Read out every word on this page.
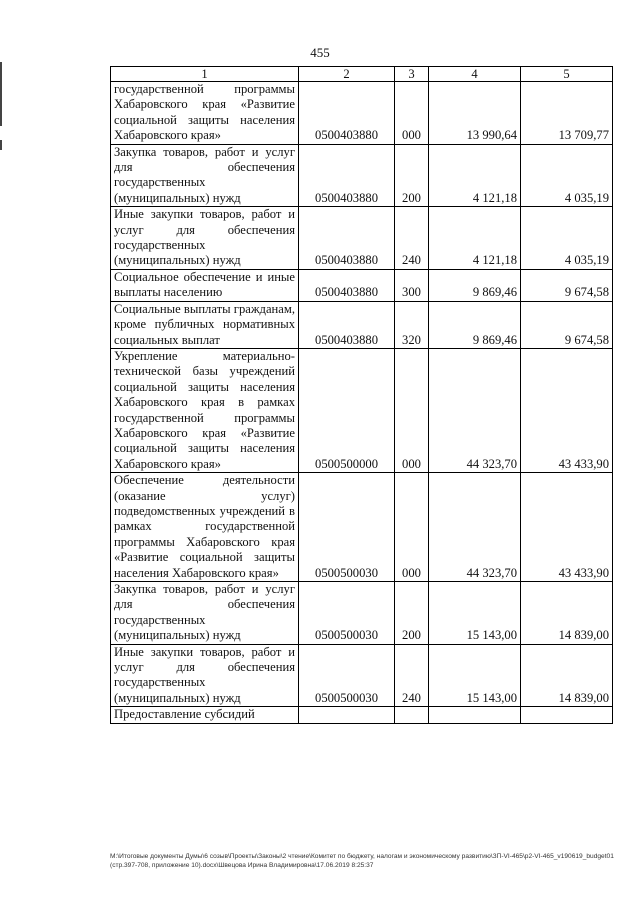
455
1	2	3	4	5
государственной программы Хабаровского края «Развитие социальной защиты населения Хабаровского края»	0500403880	000	13 990,64	13 709,77
Закупка товаров, работ и услуг для обеспечения государственных (муниципальных) нужд	0500403880	200	4 121,18	4 035,19
Иные закупки товаров, работ и услуг для обеспечения государственных (муниципальных) нужд	0500403880	240	4 121,18	4 035,19
Социальное обеспечение и иные выплаты населению	0500403880	300	9 869,46	9 674,58
Социальные выплаты гражданам, кроме публичных нормативных социальных выплат	0500403880	320	9 869,46	9 674,58
Укрепление материально-технической базы учреждений социальной защиты населения Хабаровского края в рамках государственной программы Хабаровского края «Развитие социальной защиты населения Хабаровского края»	0500500000	000	44 323,70	43 433,90
Обеспечение деятельности (оказание услуг) подведомственных учреждений в рамках государственной программы Хабаровского края «Развитие социальной защиты населения Хабаровского края»	0500500030	000	44 323,70	43 433,90
Закупка товаров, работ и услуг для обеспечения государственных (муниципальных) нужд	0500500030	200	15 143,00	14 839,00
Иные закупки товаров, работ и услуг для обеспечения государственных (муниципальных) нужд	0500500030	240	15 143,00	14 839,00
Предоставление субсидий				
М:\Итоговые документы Думы\6 созыв\Проекты\Законы\2 чтение\Комитет по бюджету, налогам и экономическому развитию\ЗП-VI-465\р2-VI-465_v190619_budget01 (стр.397-708, приложение 10).docx\Швецова Ирина Владимировна\17.06.2019 8:25:37
